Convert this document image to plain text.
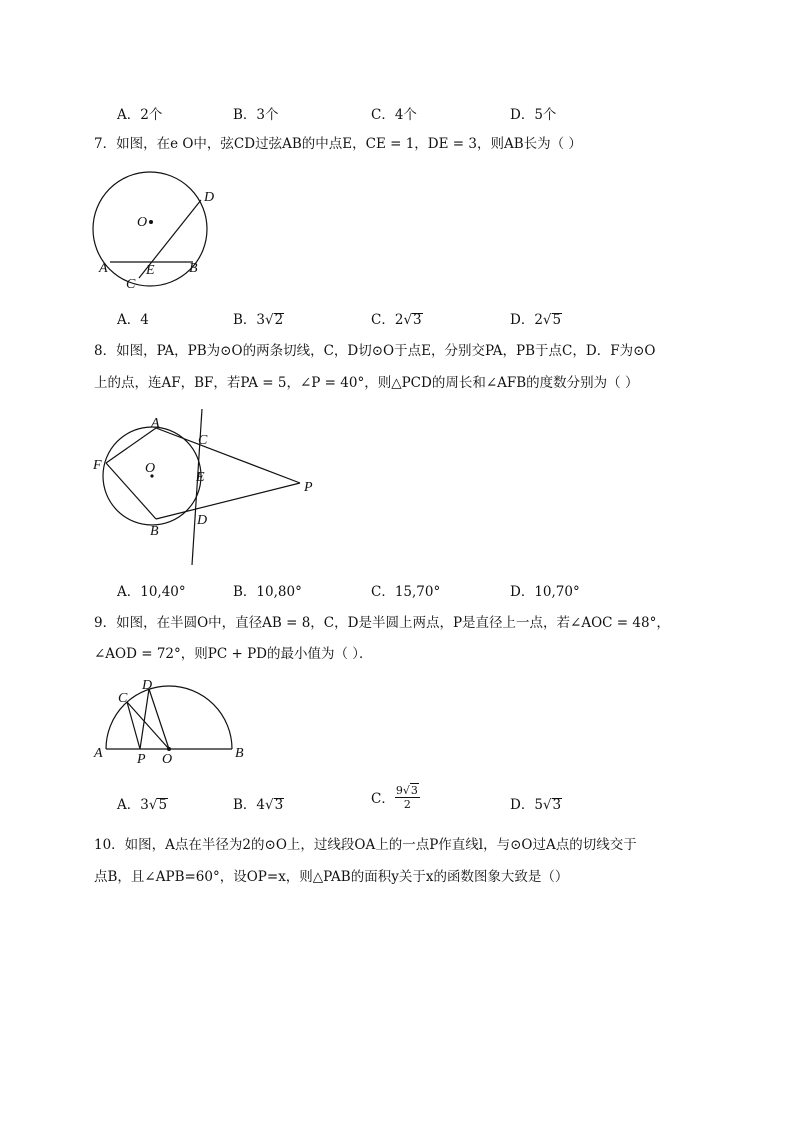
A．2个	B．3个	C．4个	D．5个
7．如图，在e O中，弦CD过弦AB的中点E，CE = 1，DE = 3，则AB长为（ ）
O
D
A	E B
C
A．4	B．3√2	C．2√3	D．2√5
8．如图，PA，PB为⊙O的两条切线，C，D切⊙O于点E，分别交PA，PB于点C，D．F为⊙O
上的点，连AF，BF，若PA = 5，∠P = 40°，则△PCD的周长和∠AFB的度数分别为（ ）
A
C
F	O
E
P
D
B
A．10,40°	B．10,80°	C．15,70°	D．10,70°
9．如图，在半圆O中，直径AB = 8，C，D是半圆上两点，P是直径上一点，若∠AOC = 48°，
∠AOD = 72°，则PC + PD的最小值为（ ）．
C
D
A P O	B
A．3√5	B．4√3	C． $\frac{9√3}{2}$	D．5√3
10．如图，A点在半径为2的⊙O上，过线段OA上的一点P作直线l，与⊙O过A点的切线交于
点B，且∠APB=60°，设OP=x，则△PAB的面积y关于x的函数图象大致是（）
